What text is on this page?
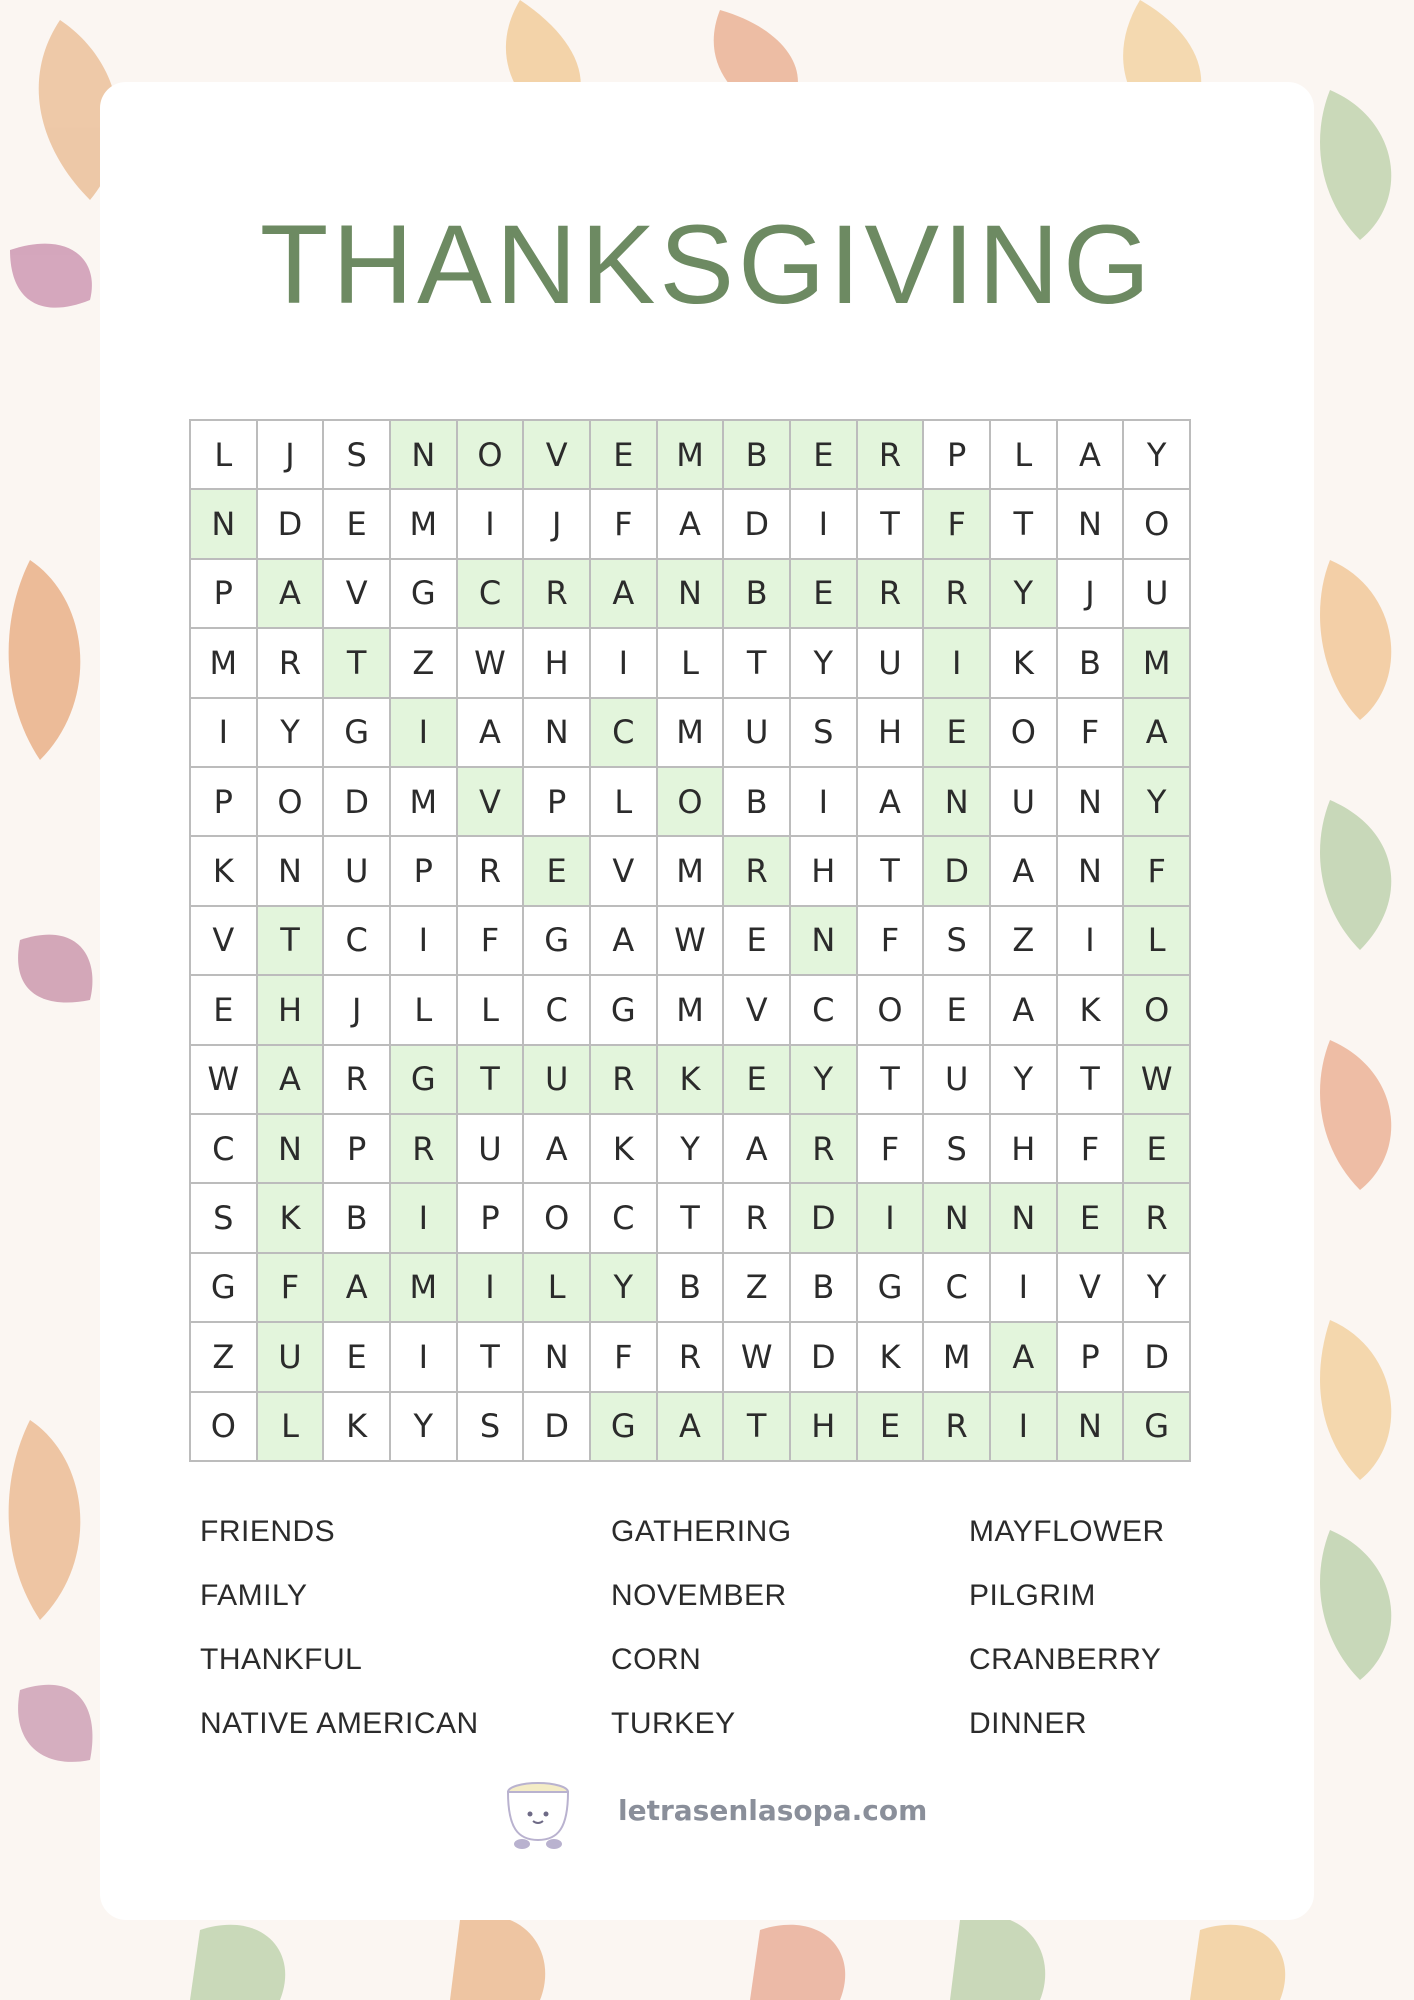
THANKSGIVING
L	J	S	N	O	V	E	M	B	E	R	P	L	A	Y
N	D	E	M	I	J	F	A	D	I	T	F	T	N	O
P	A	V	G	C	R	A	N	B	E	R	R	Y	J	U
M	R	T	Z	W	H	I	L	T	Y	U	I	K	B	M
I	Y	G	I	A	N	C	M	U	S	H	E	O	F	A
P	O	D	M	V	P	L	O	B	I	A	N	U	N	Y
K	N	U	P	R	E	V	M	R	H	T	D	A	N	F
V	T	C	I	F	G	A	W	E	N	F	S	Z	I	L
E	H	J	L	L	C	G	M	V	C	O	E	A	K	O
W	A	R	G	T	U	R	K	E	Y	T	U	Y	T	W
C	N	P	R	U	A	K	Y	A	R	F	S	H	F	E
S	K	B	I	P	O	C	T	R	D	I	N	N	E	R
G	F	A	M	I	L	Y	B	Z	B	G	C	I	V	Y
Z	U	E	I	T	N	F	R	W	D	K	M	A	P	D
O	L	K	Y	S	D	G	A	T	H	E	R	I	N	G
FRIENDS
FAMILY
THANKFUL
NATIVE AMERICAN
GATHERING
NOVEMBER
CORN
TURKEY
MAYFLOWER
PILGRIM
CRANBERRY
DINNER
letrasenlasopa.com
